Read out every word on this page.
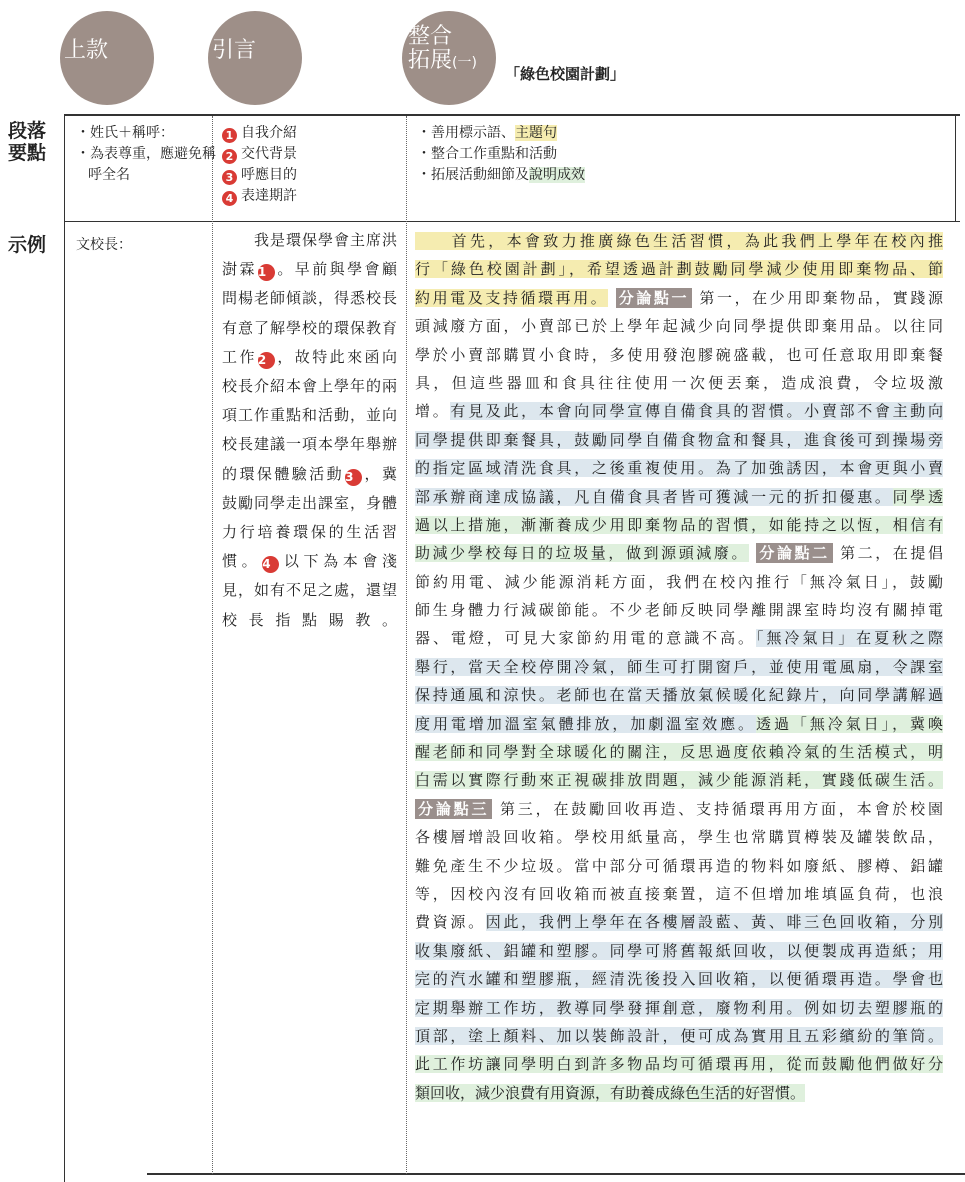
上款	引言
整合
拓展(一)
「綠色校園計劃」
段落
要點
示例
・姓氏＋稱呼：
・為表尊重，應避免稱呼全名
1 自我介紹
2 交代背景
3 呼應目的
4 表達期許
・善用標示語、主題句
・整合工作重點和活動
・拓展活動細節及說明成效
文校長：	　　我是環保學會主席洪澍霖1 。早前與學會顧問楊老師傾談，得悉校長有意了解學校的環保教育工作2 ，故特此來函向校長介紹本會上學年的兩項工作重點和活動，並向校長建議一項本學年舉辦的環保體驗活動3 ，冀鼓勵同學走出課室，身體力行培養環保的生活習慣。4 以下為本會淺見，如有不足之處，還望校長指點賜教。
　　首先，本會致力推廣綠色生活習慣，為此我們上學年在校內推
行「綠色校園計劃」，希望透過計劃鼓勵同學減少使用即棄物品、節
約用電及支持循環再用。 分論點一 第一，在少用即棄物品，實踐源
頭減廢方面，小賣部已於上學年起減少向同學提供即棄用品。以往同
學於小賣部購買小食時，多使用發泡膠碗盛載，也可任意取用即棄餐
具，但這些器皿和食具往往使用一次便丟棄，造成浪費，令垃圾激
增。有見及此，本會向同學宣傳自備食具的習慣。小賣部不會主動向
同學提供即棄餐具，鼓勵同學自備食物盒和餐具，進食後可到操場旁
的指定區域清洗食具，之後重複使用。為了加強誘因，本會更與小賣
部承辦商達成協議，凡自備食具者皆可獲減一元的折扣優惠。同學透
過以上措施，漸漸養成少用即棄物品的習慣，如能持之以恆，相信有
助減少學校每日的垃圾量，做到源頭減廢。 分論點二 第二，在提倡
節約用電、減少能源消耗方面，我們在校內推行「無冷氣日」，鼓勵
師生身體力行減碳節能。不少老師反映同學離開課室時均沒有關掉電
器、電燈，可見大家節約用電的意識不高。「無冷氣日」在夏秋之際
舉行，當天全校停開冷氣，師生可打開窗戶，並使用電風扇，令課室
保持通風和涼快。老師也在當天播放氣候暖化紀錄片，向同學講解過
度用電增加溫室氣體排放，加劇溫室效應。透過「無冷氣日」，冀喚
醒老師和同學對全球暖化的關注，反思過度依賴冷氣的生活模式，明
白需以實際行動來正視碳排放問題，減少能源消耗，實踐低碳生活。
分論點三 第三，在鼓勵回收再造、支持循環再用方面，本會於校園
各樓層增設回收箱。學校用紙量高，學生也常購買樽裝及罐裝飲品，
難免產生不少垃圾。當中部分可循環再造的物料如廢紙、膠樽、鋁罐
等，因校內沒有回收箱而被直接棄置，這不但增加堆填區負荷，也浪
費資源。因此，我們上學年在各樓層設藍、黃、啡三色回收箱，分別
收集廢紙、鋁罐和塑膠。同學可將舊報紙回收，以便製成再造紙；用
完的汽水罐和塑膠瓶，經清洗後投入回收箱，以便循環再造。學會也
定期舉辦工作坊，教導同學發揮創意，廢物利用。例如切去塑膠瓶的
頂部，塗上顏料、加以裝飾設計，便可成為實用且五彩繽紛的筆筒。
此工作坊讓同學明白到許多物品均可循環再用，從而鼓勵他們做好分
類回收，減少浪費有用資源，有助養成綠色生活的好習慣。
